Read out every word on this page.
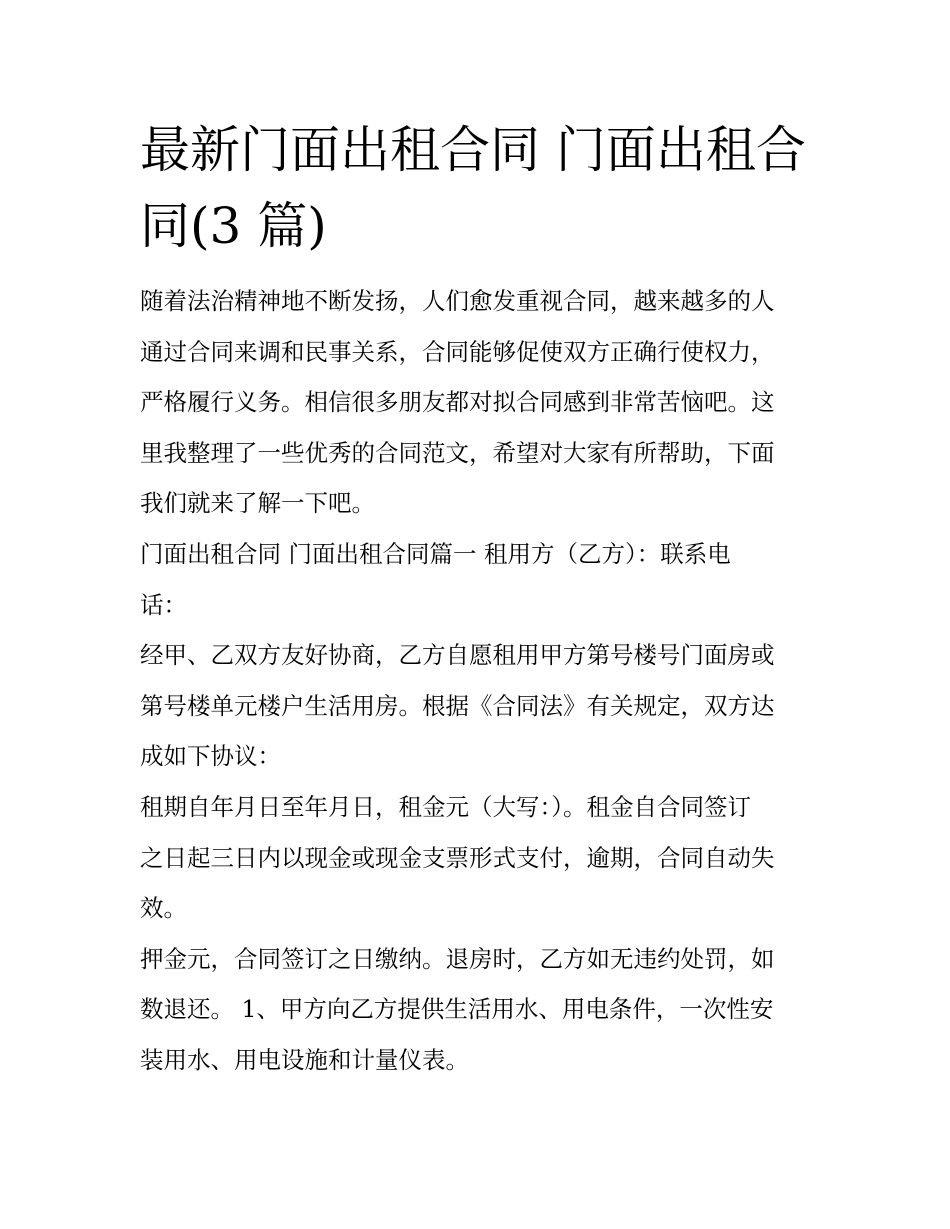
最新门面出租合同 门面出租合
同(3 篇)

随着法治精神地不断发扬，人们愈发重视合同，越来越多的人
通过合同来调和民事关系，合同能够促使双方正确行使权力，
严格履行义务。相信很多朋友都对拟合同感到非常苦恼吧。这
里我整理了一些优秀的合同范文，希望对大家有所帮助，下面
我们就来了解一下吧。

门面出租合同 门面出租合同篇一 租用方（乙方）：联系电
话：

经甲、乙双方友好协商，乙方自愿租用甲方第号楼号门面房或
第号楼单元楼户生活用房。根据《合同法》有关规定，双方达
成如下协议：

租期自年月日至年月日，租金元（大写：）。租金自合同签订
之日起三日内以现金或现金支票形式支付，逾期，合同自动失
效。

押金元，合同签订之日缴纳。退房时，乙方如无违约处罚，如
数退还。 1、甲方向乙方提供生活用水、用电条件，一次性安
装用水、用电设施和计量仪表。
